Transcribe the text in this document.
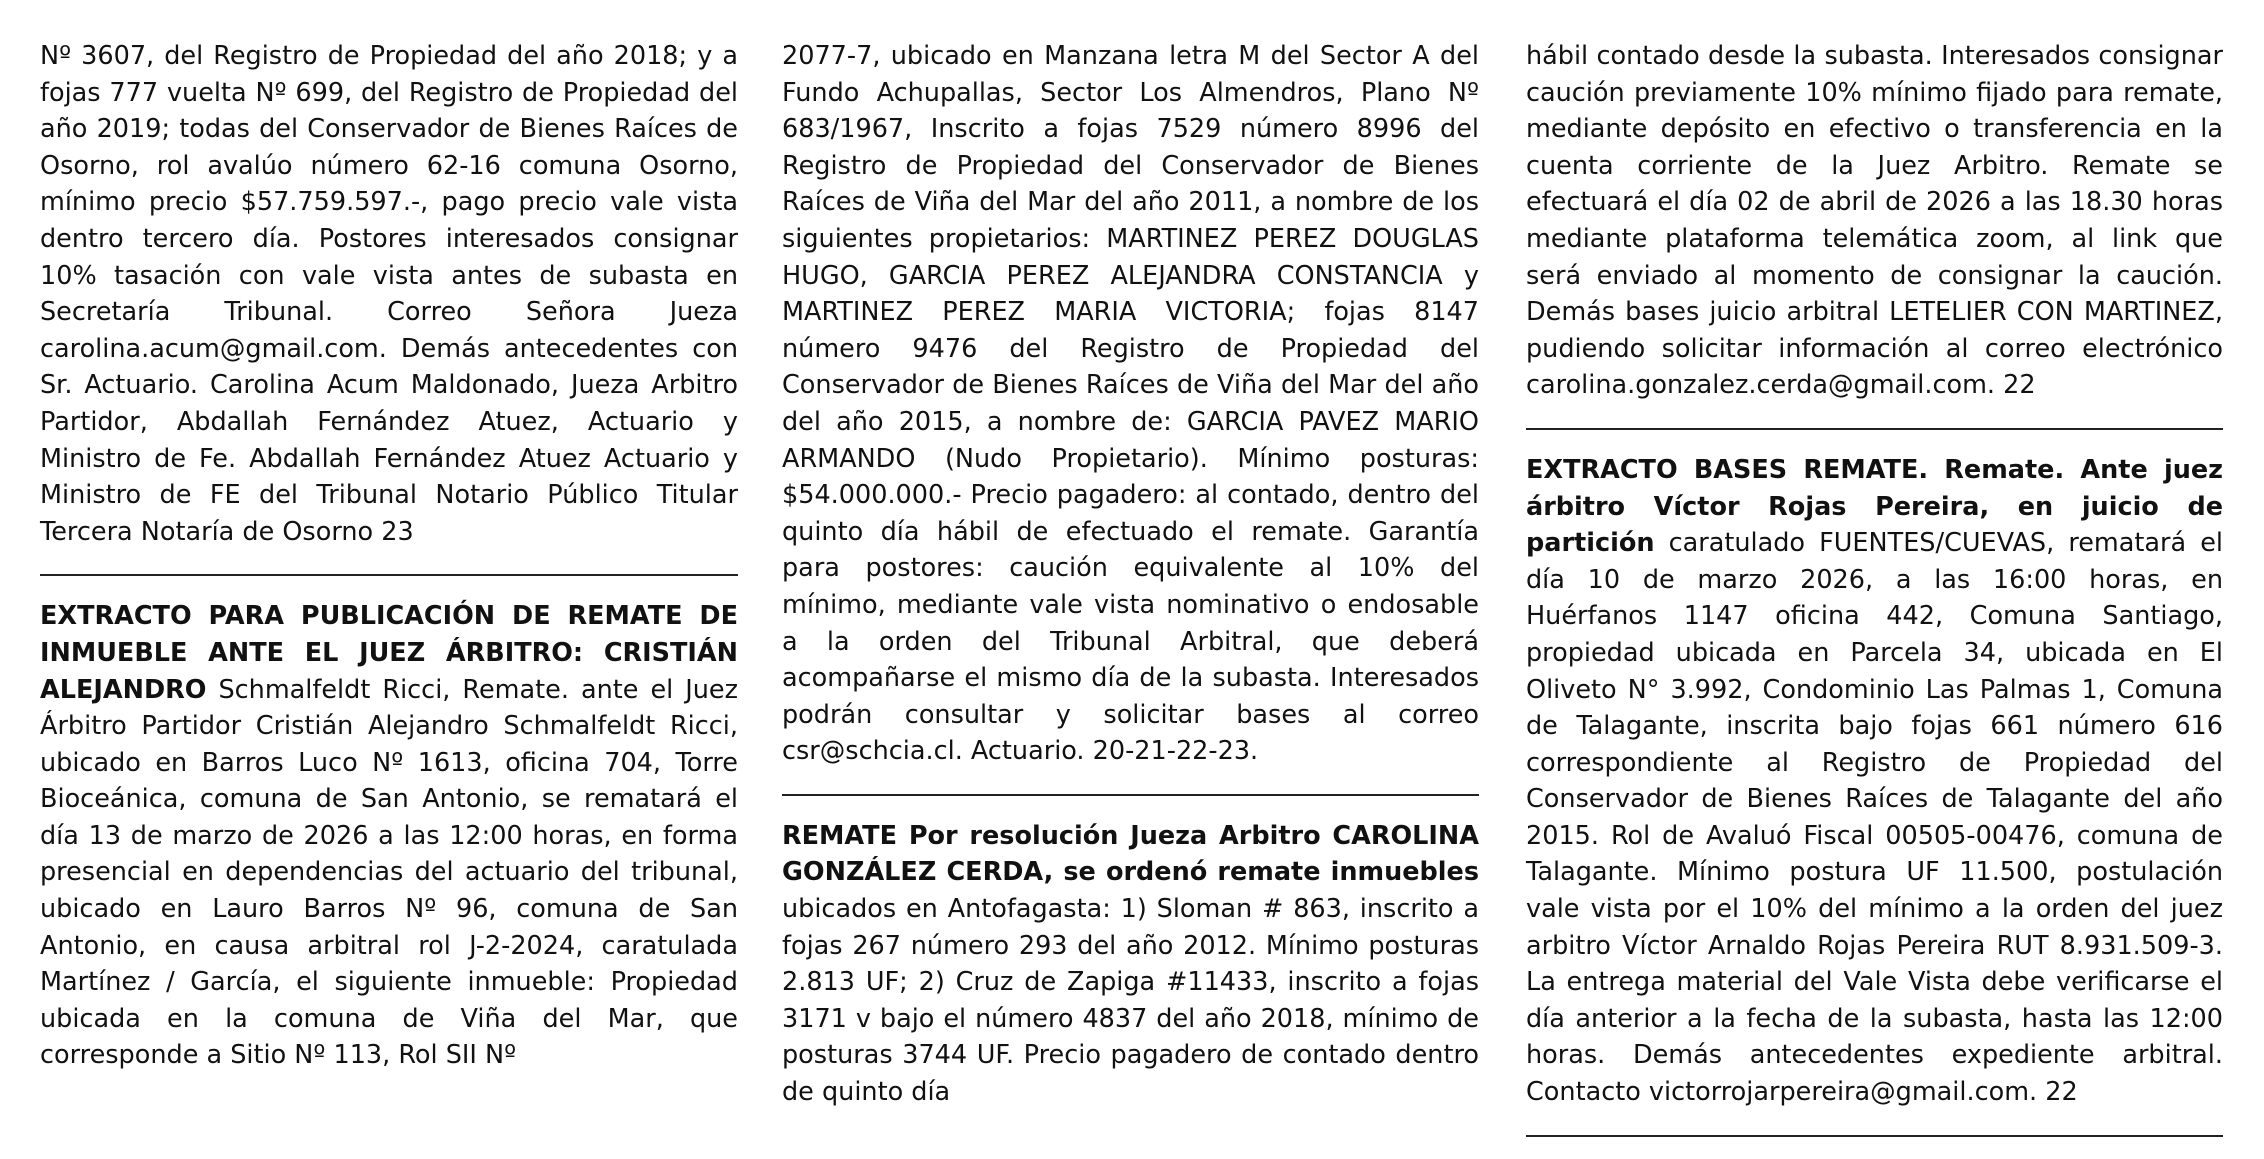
Nº 3607, del Registro de Propiedad del año 2018; y a fojas 777 vuelta Nº 699, del Registro de Propiedad del año 2019; todas del Conservador de Bienes Raíces de Osorno, rol avalúo número 62-16 comuna Osorno, mínimo precio $57.759.597.-, pago precio vale vista dentro tercero día. Postores interesados consignar 10% tasación con vale vista antes de subasta en Secretaría Tribunal. Correo Señora Jueza carolina.acum@gmail.com. Demás antecedentes con Sr. Actuario. Carolina Acum Maldonado, Jueza Arbitro Partidor, Abdallah Fernández Atuez, Actuario y Ministro de Fe. Abdallah Fernández Atuez Actuario y Ministro de FE del Tribunal Notario Público Titular Tercera Notaría de Osorno 23

EXTRACTO PARA PUBLICACIÓN DE REMATE DE INMUEBLE ANTE EL JUEZ ÁRBITRO: CRISTIÁN ALEJANDRO Schmalfeldt Ricci, Remate. ante el Juez Árbitro Partidor Cristián Alejandro Schmalfeldt Ricci, ubicado en Barros Luco Nº 1613, oficina 704, Torre Bioceánica, comuna de San Antonio, se rematará el día 13 de marzo de 2026 a las 12:00 horas, en forma presencial en dependencias del actuario del tribunal, ubicado en Lauro Barros Nº 96, comuna de San Antonio, en causa arbitral rol J-2-2024, caratulada Martínez / García, el siguiente inmueble: Propiedad ubicada en la comuna de Viña del Mar, que corresponde a Sitio Nº 113, Rol SII Nº

2077-7, ubicado en Manzana letra M del Sector A del Fundo Achupallas, Sector Los Almendros, Plano Nº 683/1967, Inscrito a fojas 7529 número 8996 del Registro de Propiedad del Conservador de Bienes Raíces de Viña del Mar del año 2011, a nombre de los siguientes propietarios: MARTINEZ PEREZ DOUGLAS HUGO, GARCIA PEREZ ALEJANDRA CONSTANCIA y MARTINEZ PEREZ MARIA VICTORIA; fojas 8147 número 9476 del Registro de Propiedad del Conservador de Bienes Raíces de Viña del Mar del año del año 2015, a nombre de: GARCIA PAVEZ MARIO ARMANDO (Nudo Propietario). Mínimo posturas: $54.000.000.- Precio pagadero: al contado, dentro del quinto día hábil de efectuado el remate. Garantía para postores: caución equivalente al 10% del mínimo, mediante vale vista nominativo o endosable a la orden del Tribunal Arbitral, que deberá acompañarse el mismo día de la subasta. Interesados podrán consultar y solicitar bases al correo csr@schcia.cl. Actuario. 20-21-22-23.

REMATE Por resolución Jueza Arbitro CAROLINA GONZÁLEZ CERDA, se ordenó remate inmuebles ubicados en Antofagasta: 1) Sloman # 863, inscrito a fojas 267 número 293 del año 2012. Mínimo posturas 2.813 UF; 2) Cruz de Zapiga #11433, inscrito a fojas 3171 v bajo el número 4837 del año 2018, mínimo de posturas 3744 UF. Precio pagadero de contado dentro de quinto día

hábil contado desde la subasta. Interesados consignar caución previamente 10% mínimo fijado para remate, mediante depósito en efectivo o transferencia en la cuenta corriente de la Juez Arbitro. Remate se efectuará el día 02 de abril de 2026 a las 18.30 horas mediante plataforma telemática zoom, al link que será enviado al momento de consignar la caución. Demás bases juicio arbitral LETELIER CON MARTINEZ, pudiendo solicitar información al correo electrónico carolina.gonzalez.cerda@gmail.com. 22

EXTRACTO BASES REMATE. Remate. Ante juez árbitro Víctor Rojas Pereira, en juicio de partición caratulado FUENTES/CUEVAS, rematará el día 10 de marzo 2026, a las 16:00 horas, en Huérfanos 1147 oficina 442, Comuna Santiago, propiedad ubicada en Parcela 34, ubicada en El Oliveto N° 3.992, Condominio Las Palmas 1, Comuna de Talagante, inscrita bajo fojas 661 número 616 correspondiente al Registro de Propiedad del Conservador de Bienes Raíces de Talagante del año 2015. Rol de Avaluó Fiscal 00505-00476, comuna de Talagante. Mínimo postura UF 11.500, postulación vale vista por el 10% del mínimo a la orden del juez arbitro Víctor Arnaldo Rojas Pereira RUT 8.931.509-3. La entrega material del Vale Vista debe verificarse el día anterior a la fecha de la subasta, hasta las 12:00 horas. Demás antecedentes expediente arbitral. Contacto victorrojarpereira@gmail.com. 22
